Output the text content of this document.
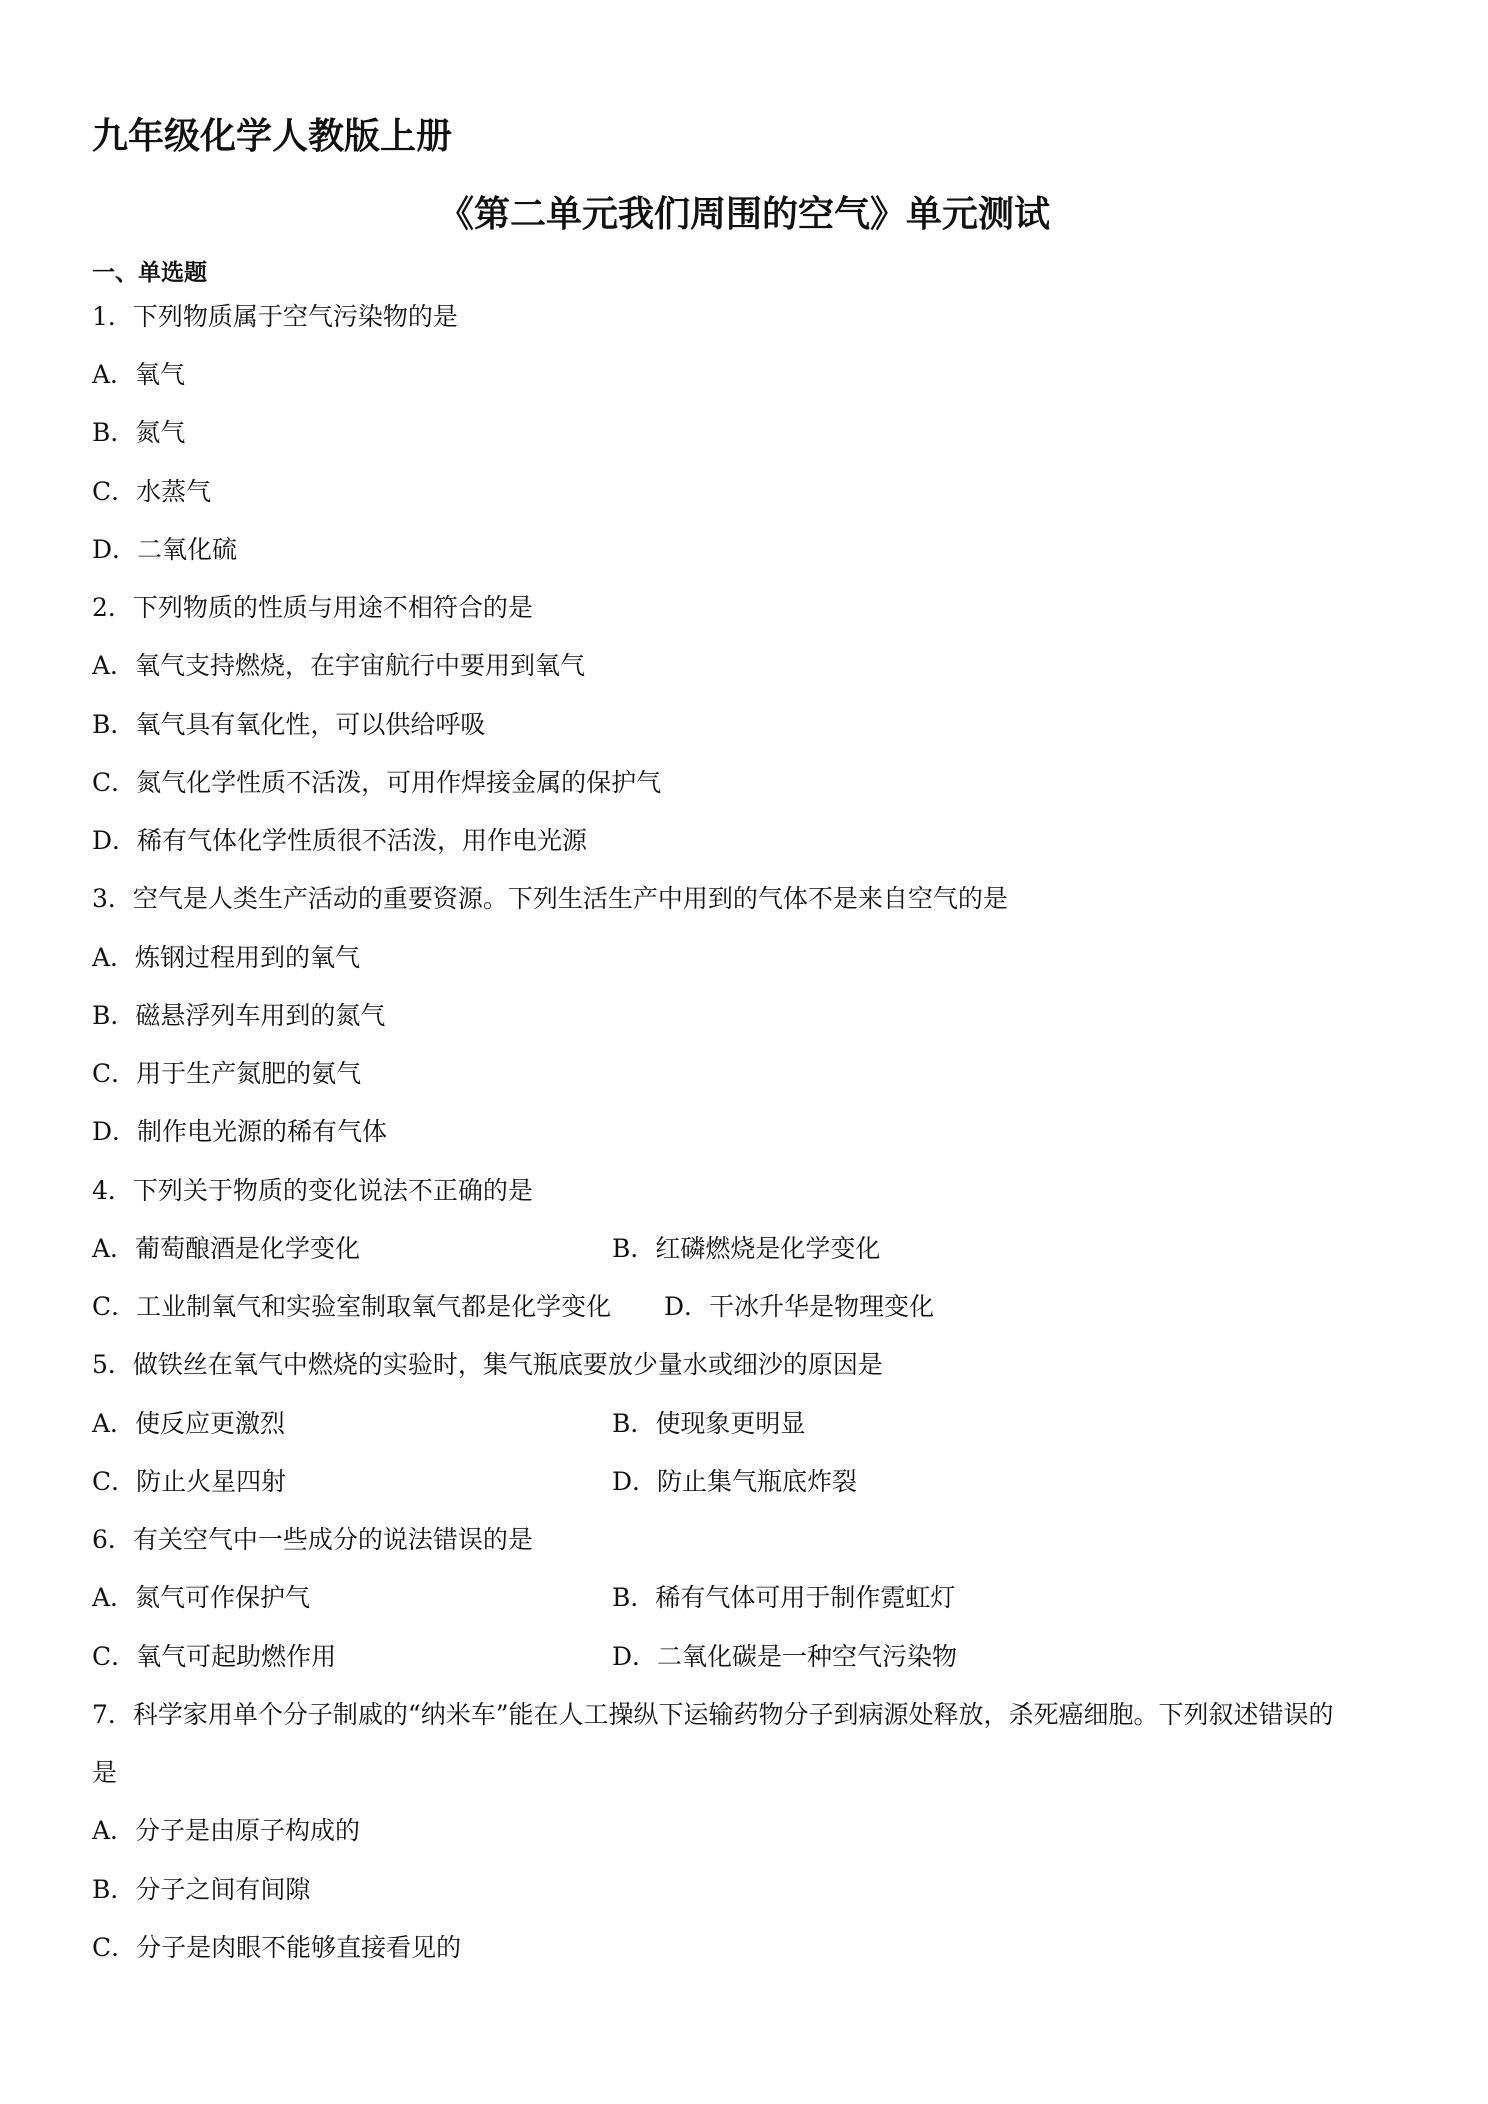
九年级化学人教版上册
《第二单元我们周围的空气》单元测试
一、单选题
1．下列物质属于空气污染物的是
A．氧气
B．氮气
C．水蒸气
D．二氧化硫
2．下列物质的性质与用途不相符合的是
A．氧气支持燃烧，在宇宙航行中要用到氧气
B．氧气具有氧化性，可以供给呼吸
C．氮气化学性质不活泼，可用作焊接金属的保护气
D．稀有气体化学性质很不活泼，用作电光源
3．空气是人类生产活动的重要资源。下列生活生产中用到的气体不是来自空气的是
A．炼钢过程用到的氧气
B．磁悬浮列车用到的氮气
C．用于生产氮肥的氨气
D．制作电光源的稀有气体
4．下列关于物质的变化说法不正确的是
A．葡萄酿酒是化学变化	B．红磷燃烧是化学变化
C．工业制氧气和实验室制取氧气都是化学变化 D．干冰升华是物理变化
5．做铁丝在氧气中燃烧的实验时，集气瓶底要放少量水或细沙的原因是
A．使反应更激烈	B．使现象更明显
C．防止火星四射	D．防止集气瓶底炸裂
6．有关空气中一些成分的说法错误的是
A．氮气可作保护气	B．稀有气体可用于制作霓虹灯
C．氧气可起助燃作用	D．二氧化碳是一种空气污染物
7．科学家用单个分子制戚的“纳米车”能在人工操纵下运输药物分子到病源处释放，杀死癌细胞。下列叙述错误的
是
A．分子是由原子构成的
B．分子之间有间隙
C．分子是肉眼不能够直接看见的
